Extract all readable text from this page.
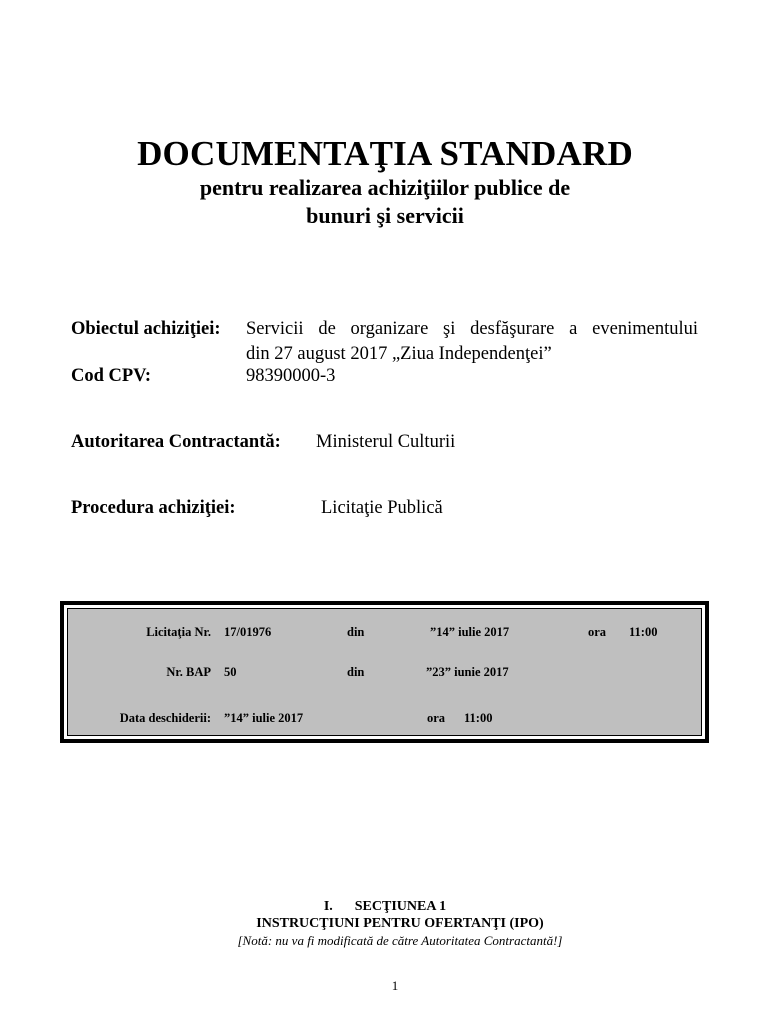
DOCUMENTAŢIA STANDARD
pentru realizarea achiziţiilor publice de
bunuri şi servicii
Obiectul achiziţiei: Servicii de organizare şi desfăşurare a evenimentului
din 27 august 2017 „Ziua Independenţei”
Cod CPV:	98390000-3
Autoritarea Contractantă: Ministerul Culturii
Procedura achiziţiei:	Licitaţie Publică
Licitaţia Nr. 17/01976	din	”14” iulie 2017	ora 11:00
Nr. BAP 50	din	”23” iunie 2017
Data deschiderii: ”14” iulie 2017	ora 11:00
I. SECŢIUNEA 1
INSTRUCŢIUNI PENTRU OFERTANŢI (IPO)
[Notă: nu va fi modificată de către Autoritatea Contractantă!]
1
